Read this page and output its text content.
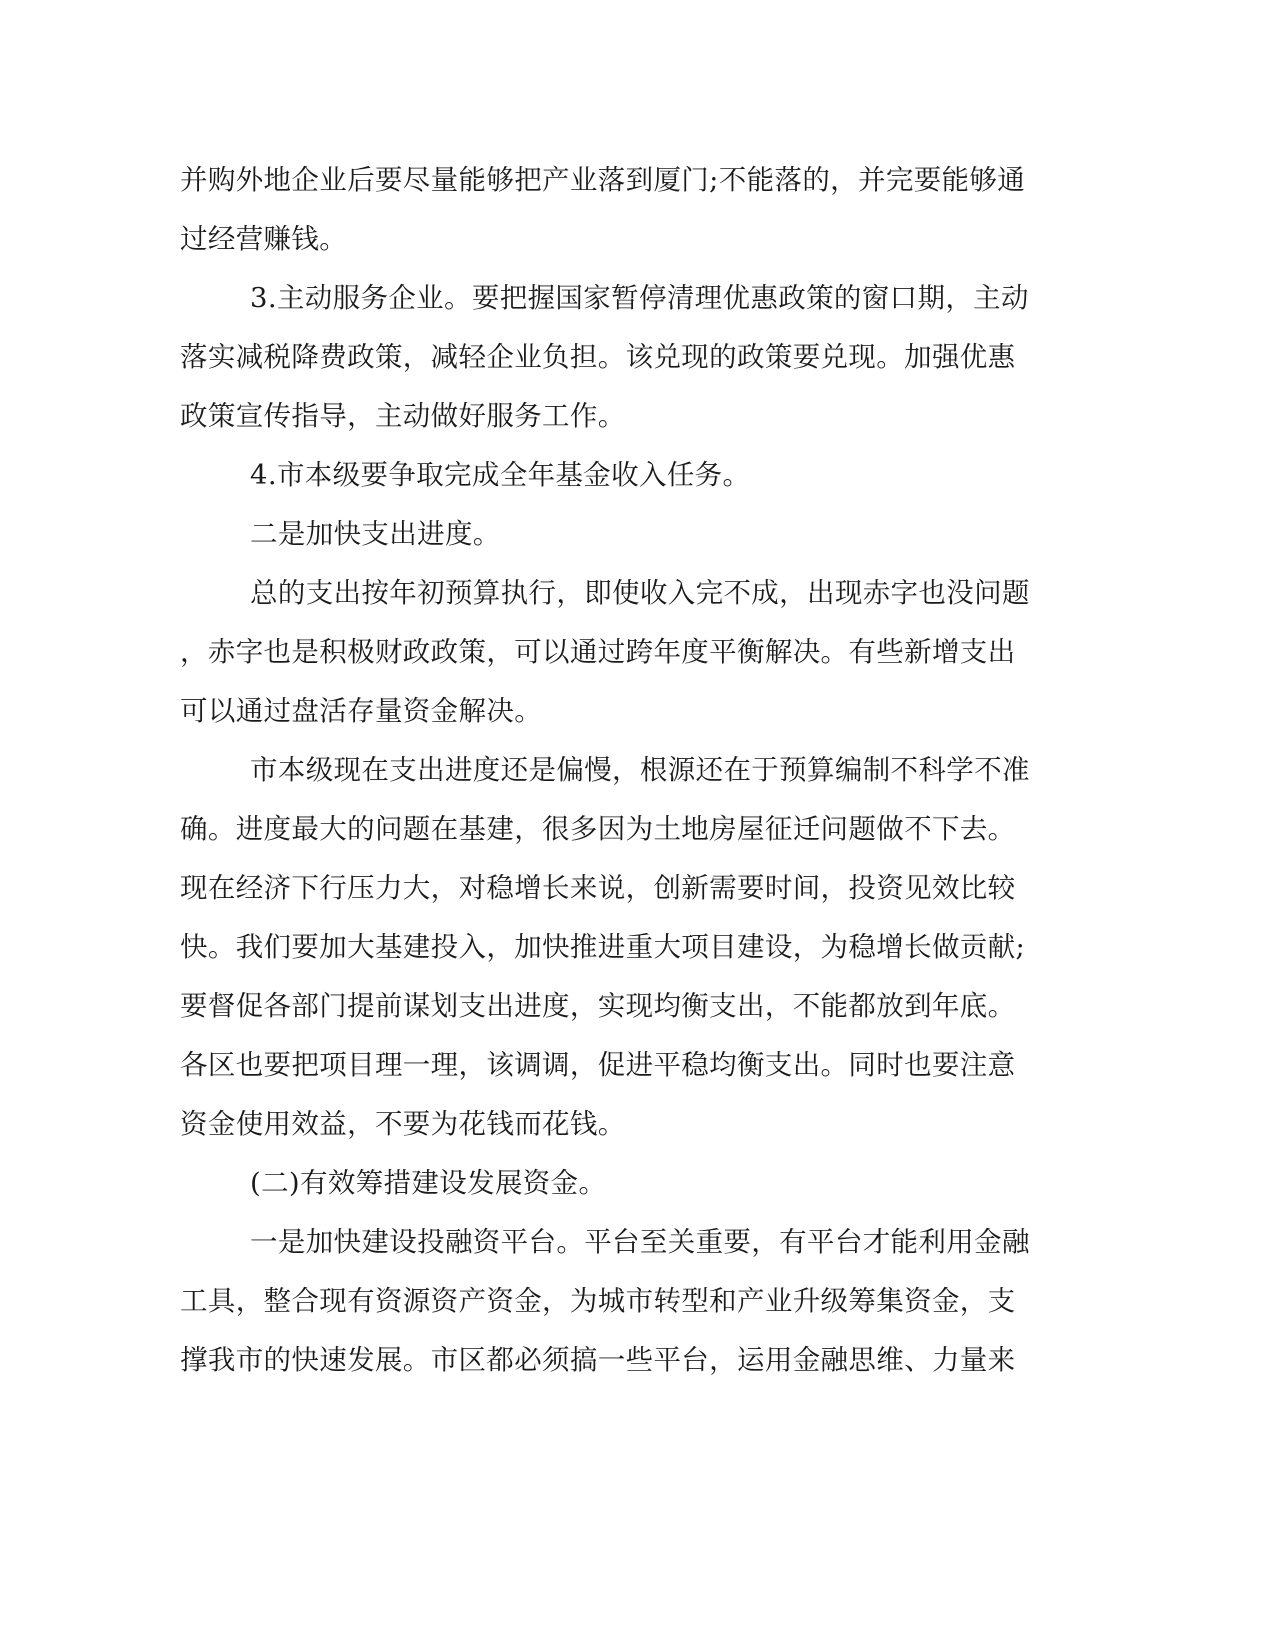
并购外地企业后要尽量能够把产业落到厦门;不能落的，并完要能够通
过经营赚钱。
3.主动服务企业。要把握国家暂停清理优惠政策的窗口期，主动
落实减税降费政策，减轻企业负担。该兑现的政策要兑现。加强优惠
政策宣传指导，主动做好服务工作。
4.市本级要争取完成全年基金收入任务。
二是加快支出进度。
总的支出按年初预算执行，即使收入完不成，出现赤字也没问题
，赤字也是积极财政政策，可以通过跨年度平衡解决。有些新增支出
可以通过盘活存量资金解决。
市本级现在支出进度还是偏慢，根源还在于预算编制不科学不准
确。进度最大的问题在基建，很多因为土地房屋征迁问题做不下去。
现在经济下行压力大，对稳增长来说，创新需要时间，投资见效比较
快。我们要加大基建投入，加快推进重大项目建设，为稳增长做贡献;
要督促各部门提前谋划支出进度，实现均衡支出，不能都放到年底。
各区也要把项目理一理，该调调，促进平稳均衡支出。同时也要注意
资金使用效益，不要为花钱而花钱。
(二)有效筹措建设发展资金。
一是加快建设投融资平台。平台至关重要，有平台才能利用金融
工具，整合现有资源资产资金，为城市转型和产业升级筹集资金，支
撑我市的快速发展。市区都必须搞一些平台，运用金融思维、力量来
